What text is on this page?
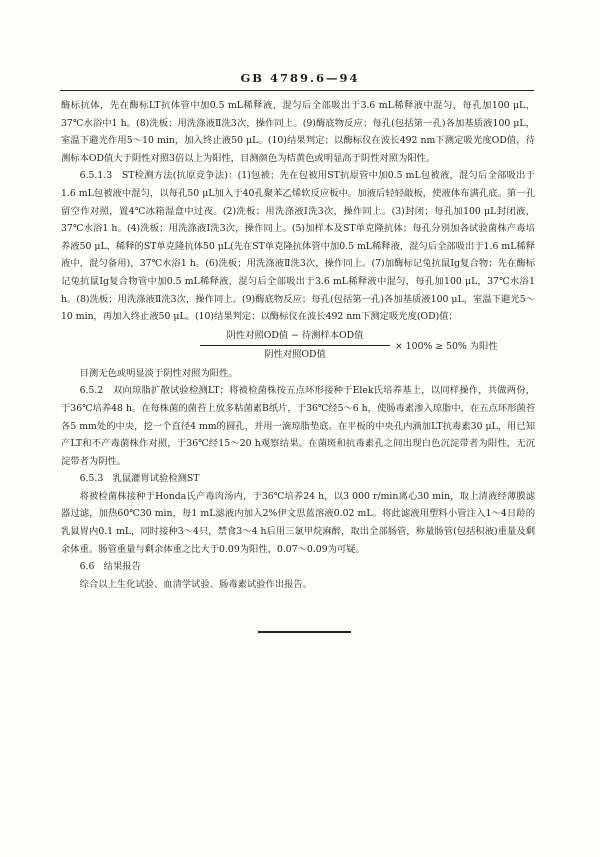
GB 4789.6—94

酶标抗体，先在酶标LT抗体管中加0.5 mL稀释液，混匀后全部吸出于3.6 mL稀释液中混匀，每孔加100 μL，37℃水浴中1 h。(8)洗板；用洗涤液Ⅱ洗3次，操作同上。(9)酶底物反应；每孔(包括第一孔)各加基质液100 μL，室温下避光作用5～10 min，加入终止液50 μL。(10)结果判定；以酶标仪在波长492 nm下测定吸光度OD值，待测标本OD值大于阴性对照3倍以上为阳性，目测颜色为桔黄色或明显高于阴性对照为阳性。

6.5.1.3　ST检测方法(抗原竞争法)：(1)包被；先在包被用ST抗原管中加0.5 mL包被液，混匀后全部吸出于1.6 mL包被液中混匀，以每孔50 μL加入于40孔聚苯乙烯软反应板中。加液后轻轻敲板，使液体布满孔底。第一孔留空作对照，置4℃冰箱湿盒中过夜。(2)洗板；用洗涤液Ⅰ洗3次，操作同上。(3)封闭；每孔加100 μL封闭液，37℃水浴1 h。(4)洗板；用洗涤液Ⅰ洗3次，操作同上。(5)加样本及ST单克隆抗体；每孔分别加各试验菌株产毒培养液50 μL，稀释的ST单克隆抗体50 μL(先在ST单克隆抗体管中加0.5 mL稀释液，混匀后全部吸出于1.6 mL稀释液中，混匀备用)，37℃水浴1 h。(6)洗板；用洗涤液Ⅱ洗3次，操作同上。(7)加酶标记兔抗鼠Ig复合物；先在酶标记兔抗鼠Ig复合物管中加0.5 mL稀释液，混匀后全部吸出于3.6 mL稀释液中混匀，每孔加100 μL，37℃水浴1 h。(8)洗板；用洗涤液Ⅱ洗3次，操作同上。(9)酶底物反应；每孔(包括第一孔)各加基质液100 μL，室温下避光5～10 min，再加入终止液50 μL。(10)结果判定；以酶标仪在波长492 nm下测定吸光度(OD)值；

阴性对照OD值 − 待测样本OD值
阴性对照OD值
× 100% ≥ 50% 为阳性

目测无色或明显淡于阴性对照为阳性。

6.5.2　双向琼脂扩散试验检测LT；将被检菌株按五点环形接种于Elek氏培养基上，以同样操作，共做两份，于36℃培养48 h。在每株菌的菌苔上放多粘菌素B纸片，于36℃经5～6 h，使肠毒素渗入琼脂中，在五点环形菌苔各5 mm处的中央，挖一个直径4 mm的圆孔，并用一滴琼脂垫底。在平板的中央孔内滴加LT抗毒素30 μL，用已知产LT和不产毒菌株作对照，于36℃经15～20 h观察结果。在菌斑和抗毒素孔之间出现白色沉淀带者为阳性，无沉淀带者为阴性。

6.5.3　乳鼠灌胃试验检测ST

将被检菌株接种于Honda氏产毒肉汤内，于36℃培养24 h，以3 000 r/min离心30 min，取上清液经薄膜滤器过滤，加热60℃30 min，每1 mL滤液内加入2%伊文思蓝溶液0.02 mL。将此滤液用塑料小管注入1～4日龄的乳鼠胃内0.1 mL，同时接种3～4只，禁食3～4 h后用三氯甲烷麻醉，取出全部肠管，称量肠管(包括积液)重量及剩余体重。肠管重量与剩余体重之比大于0.09为阳性，0.07～0.09为可疑。

6.6　结果报告

综合以上生化试验、血清学试验、肠毒素试验作出报告。
